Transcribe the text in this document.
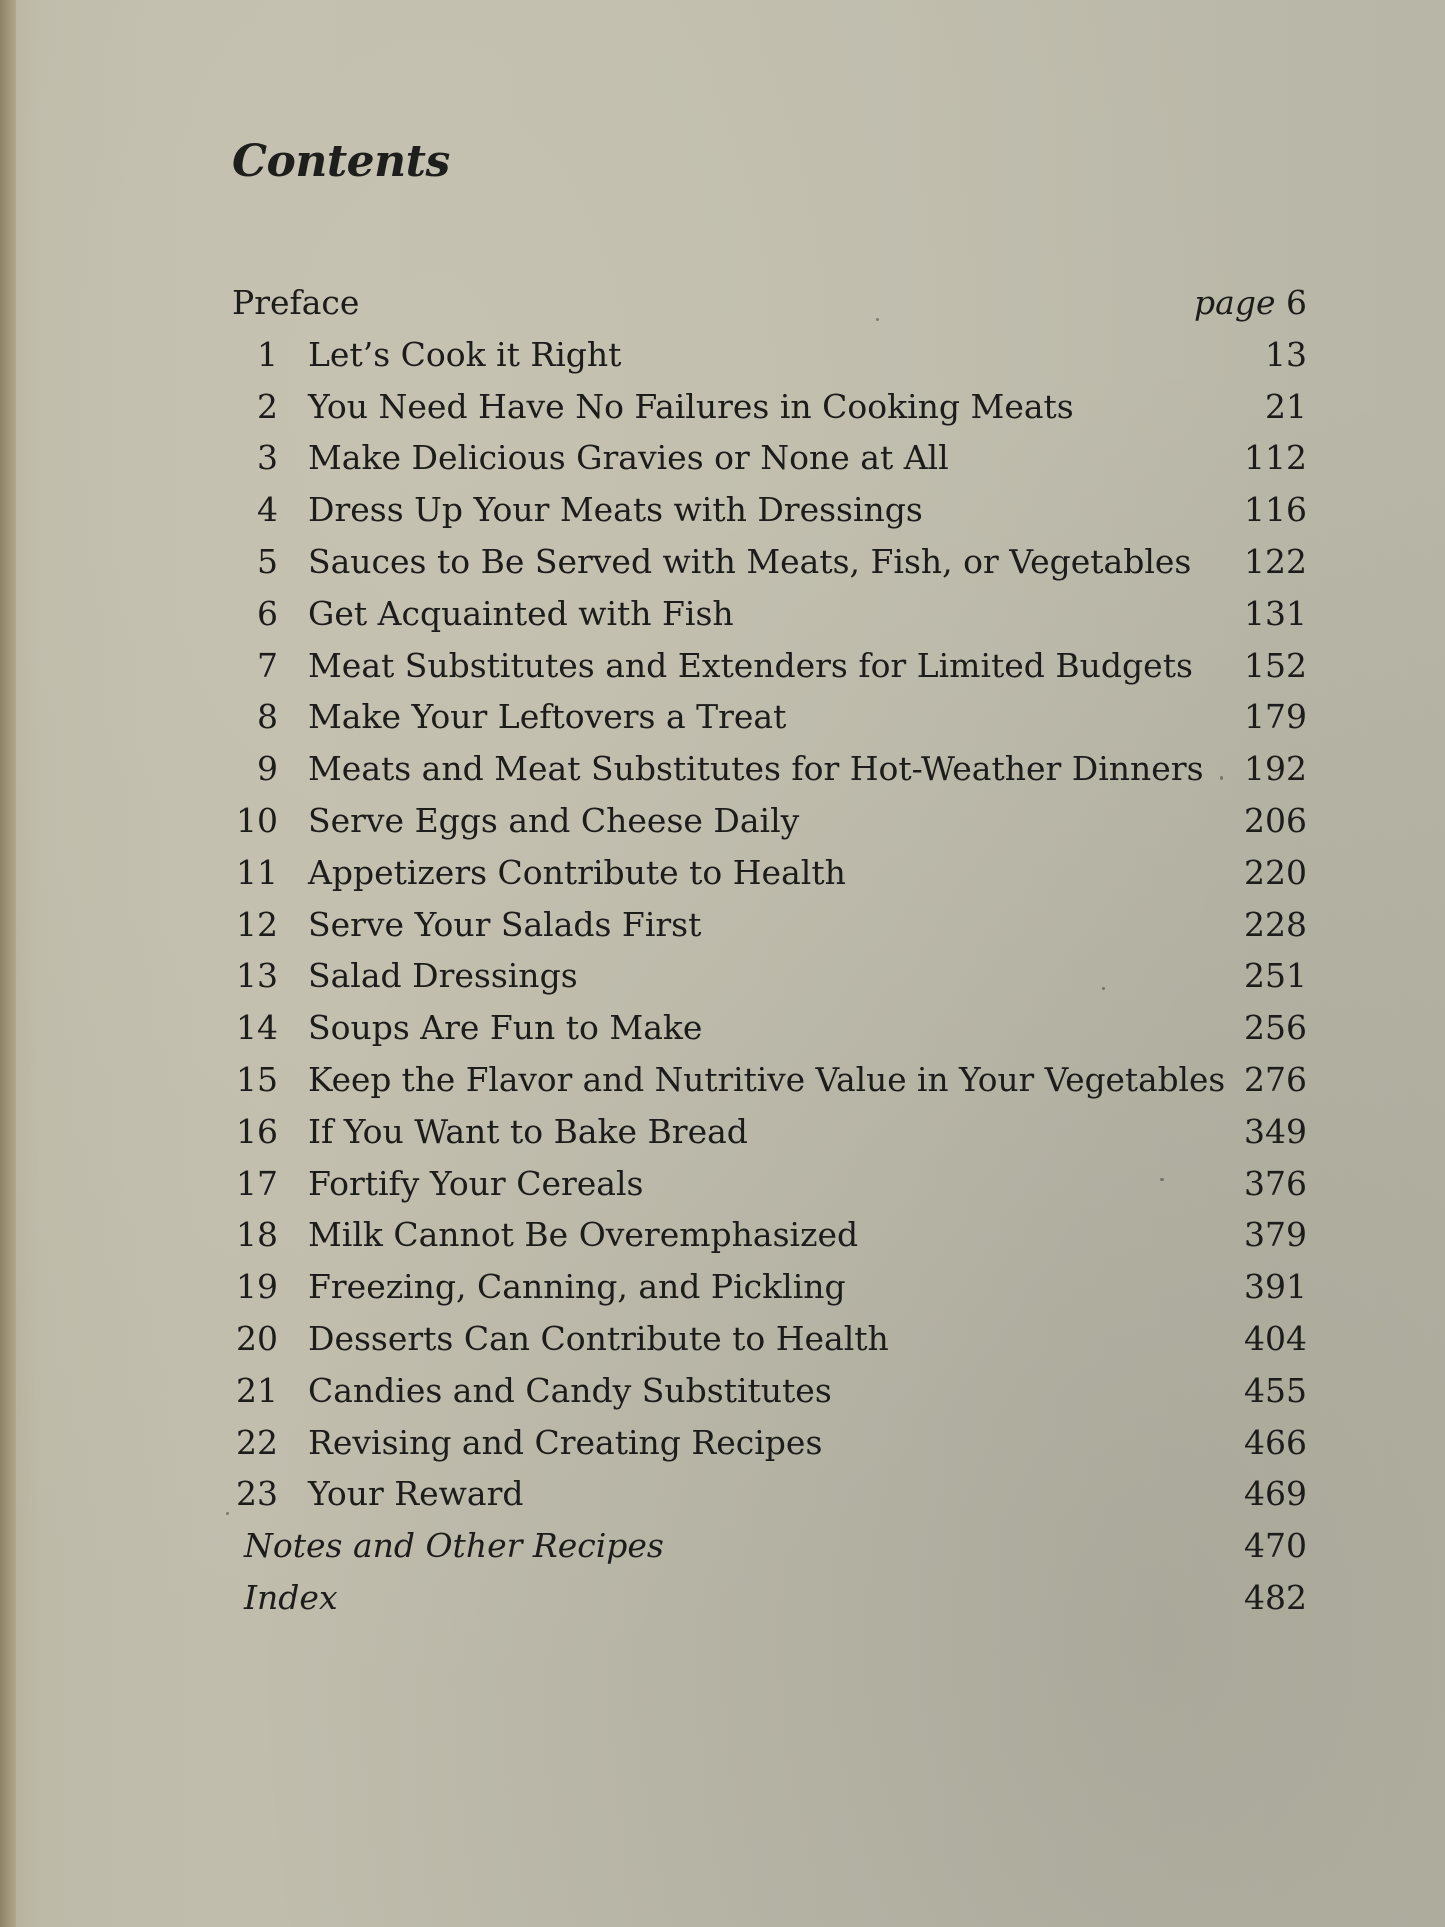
Contents
Preface	page 6
1 Let’s Cook it Right	13
2 You Need Have No Failures in Cooking Meats	21
3 Make Delicious Gravies or None at All	112
4 Dress Up Your Meats with Dressings	116
5 Sauces to Be Served with Meats, Fish, or Vegetables 122
6 Get Acquainted with Fish	131
7 Meat Substitutes and Extenders for Limited Budgets 152
8 Make Your Leftovers a Treat	179
9 Meats and Meat Substitutes for Hot-Weather Dinners 192
10 Serve Eggs and Cheese Daily	206
11 Appetizers Contribute to Health	220
12 Serve Your Salads First	228
13 Salad Dressings	251
14 Soups Are Fun to Make	256
15 Keep the Flavor and Nutritive Value in Your Vegetables 276
16 If You Want to Bake Bread	349
17 Fortify Your Cereals	376
18 Milk Cannot Be Overemphasized	379
19 Freezing, Canning, and Pickling	391
20 Desserts Can Contribute to Health	404
21 Candies and Candy Substitutes	455
22 Revising and Creating Recipes	466
23 Your Reward	469
Notes and Other Recipes	470
Index	482
